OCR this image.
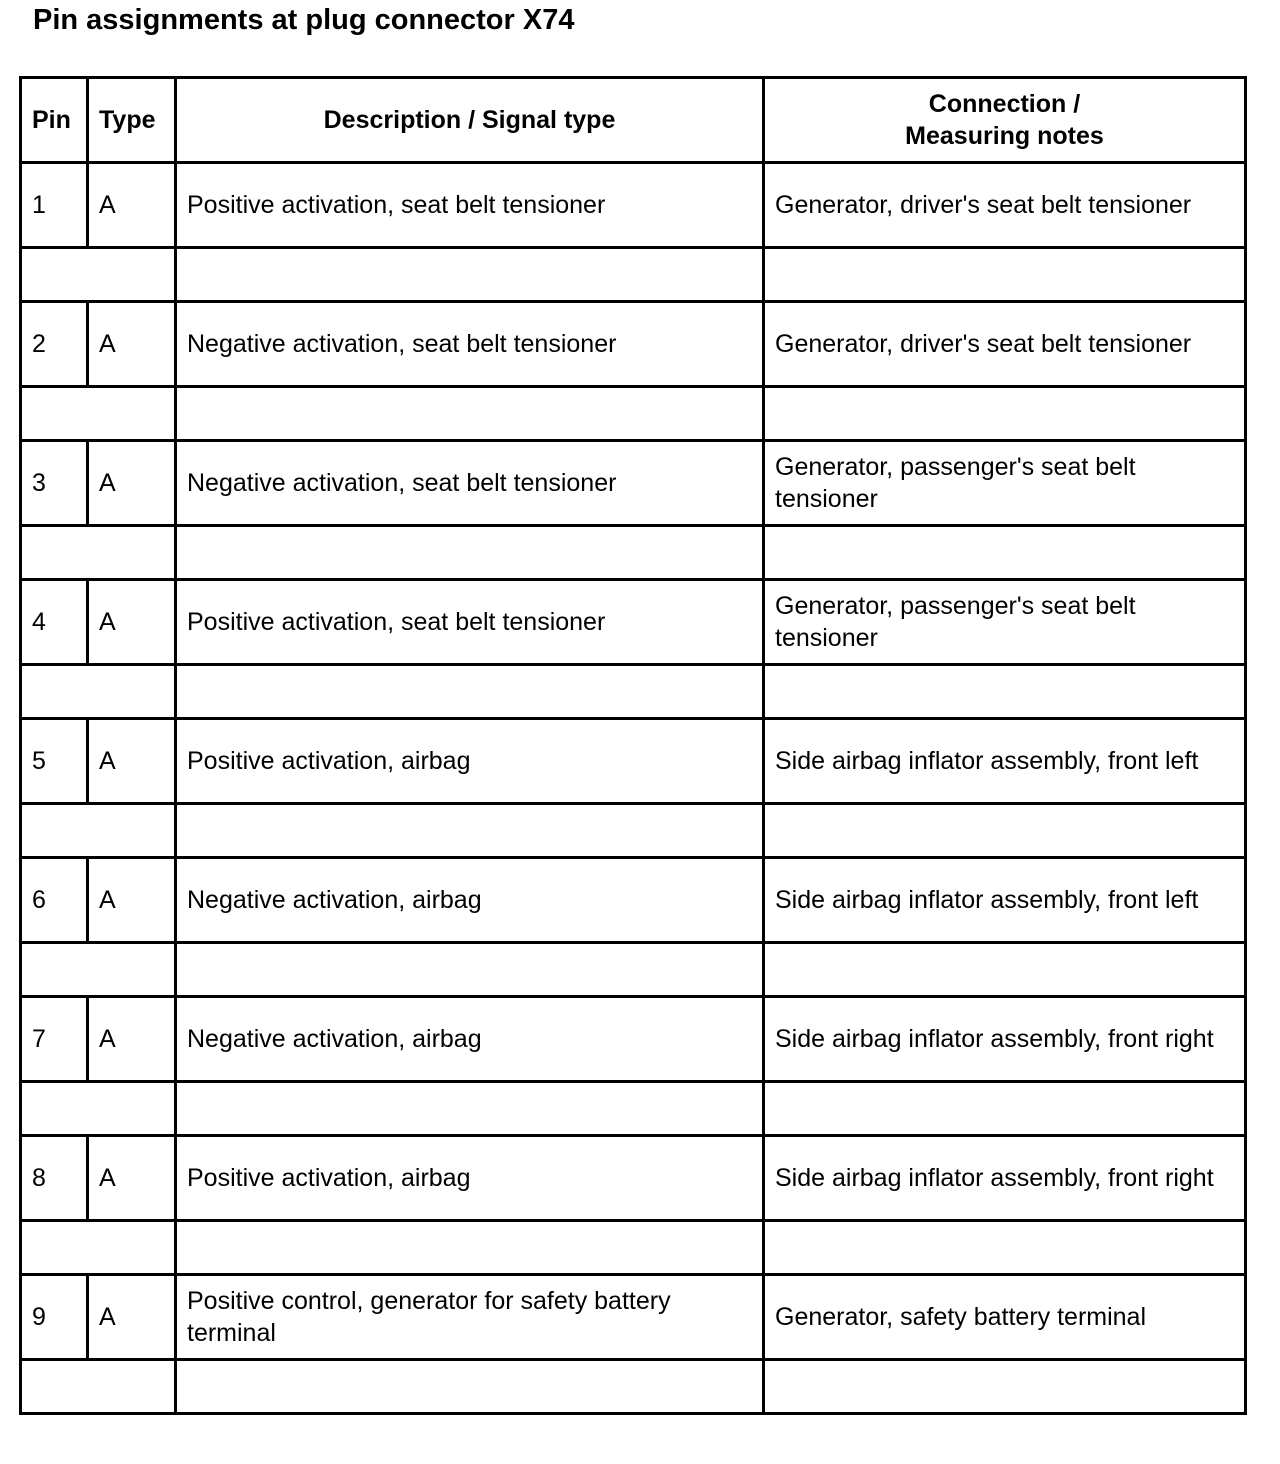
Pin assignments at plug connector X74
Pin	Type	Description / Signal type	Connection /
Measuring notes
1	A	Positive activation, seat belt tensioner	Generator, driver's seat belt tensioner

2	A	Negative activation, seat belt tensioner	Generator, driver's seat belt tensioner

3	A	Negative activation, seat belt tensioner	Generator, passenger's seat belt tensioner

4	A	Positive activation, seat belt tensioner	Generator, passenger's seat belt tensioner

5	A	Positive activation, airbag	Side airbag inflator assembly, front left

6	A	Negative activation, airbag	Side airbag inflator assembly, front left

7	A	Negative activation, airbag	Side airbag inflator assembly, front right

8	A	Positive activation, airbag	Side airbag inflator assembly, front right

9	A	Positive control, generator for safety battery terminal	Generator, safety battery terminal
